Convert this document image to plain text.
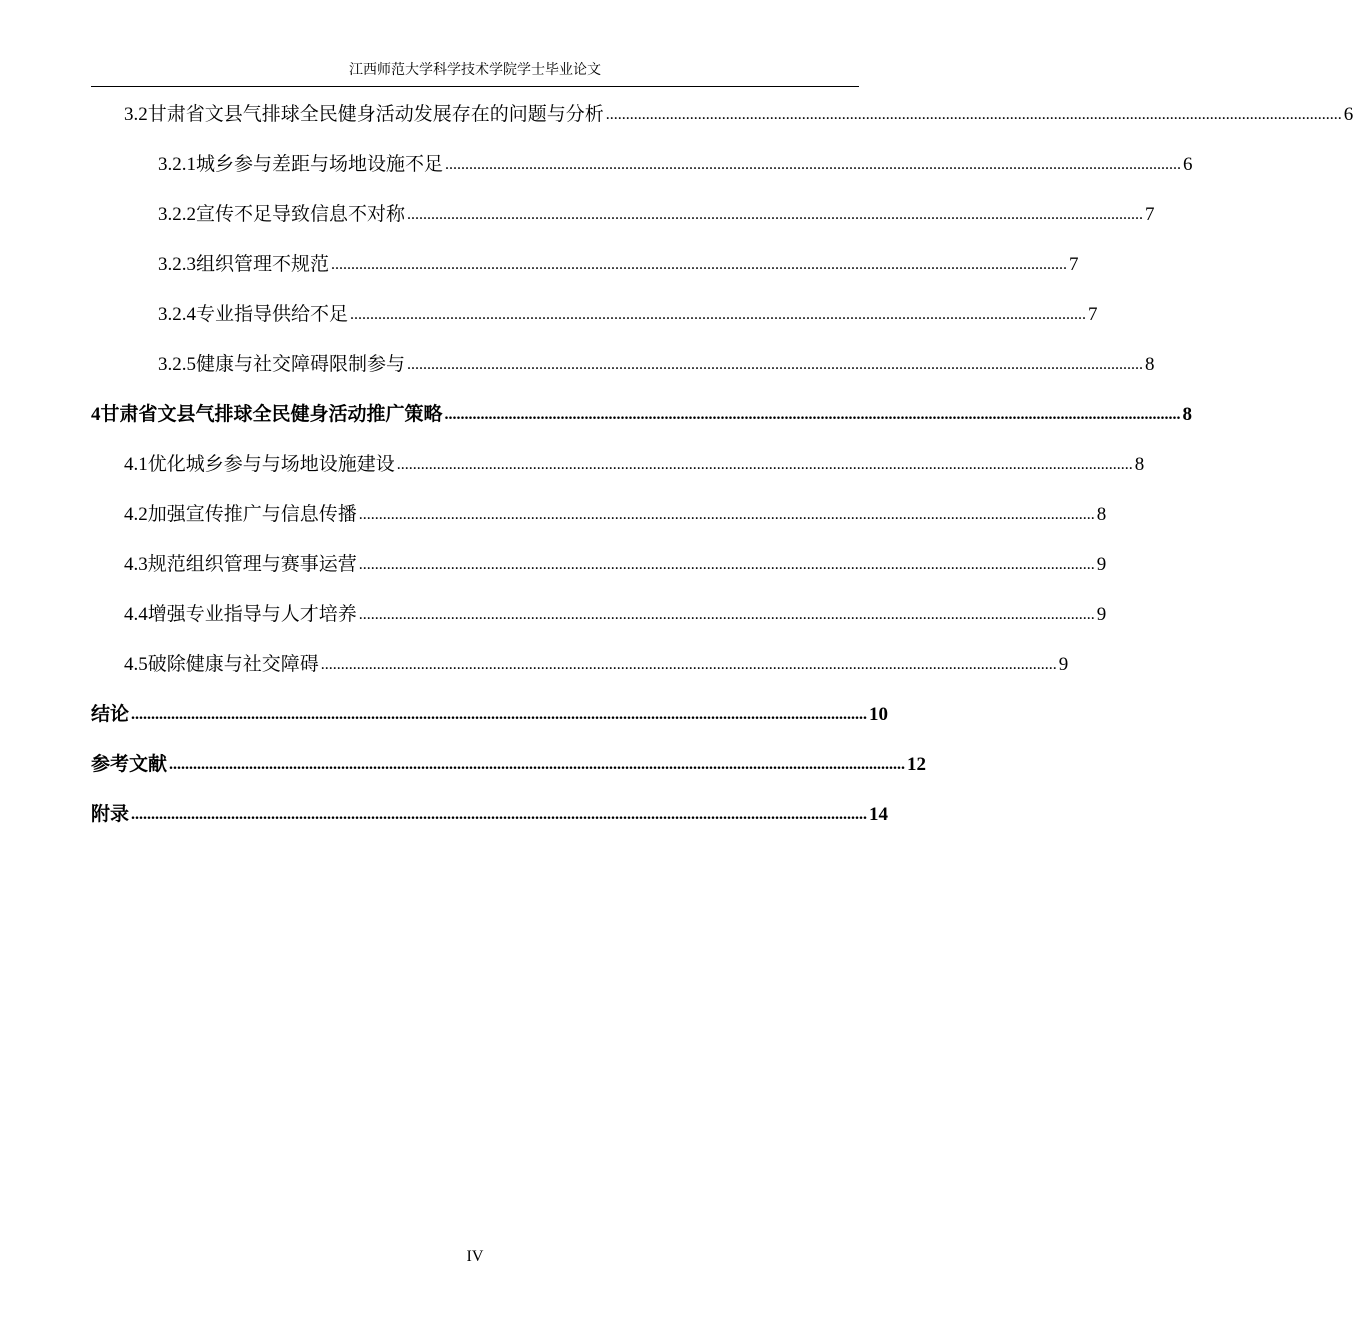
江西师范大学科学技术学院学士毕业论文
3.2 甘肃省文县气排球全民健身活动发展存在的问题与分析 ........................................................................................................................................................................................ 6
3.2.1 城乡参与差距与场地设施不足 ........................................................................................................................................................................................ 6
3.2.2 宣传不足导致信息不对称 ........................................................................................................................................................................................ 7
3.2.3 组织管理不规范 ........................................................................................................................................................................................ 7
3.2.4 专业指导供给不足 ........................................................................................................................................................................................ 7
3.2.5 健康与社交障碍限制参与 ........................................................................................................................................................................................ 8
4 甘肃省文县气排球全民健身活动推广策略 ........................................................................................................................................................................................ 8
4.1 优化城乡参与与场地设施建设 ........................................................................................................................................................................................ 8
4.2 加强宣传推广与信息传播 ........................................................................................................................................................................................ 8
4.3 规范组织管理与赛事运营 ........................................................................................................................................................................................ 9
4.4 增强专业指导与人才培养 ........................................................................................................................................................................................ 9
4.5 破除健康与社交障碍 ........................................................................................................................................................................................ 9
结论 ........................................................................................................................................................................................ 10
参考文献 ........................................................................................................................................................................................ 12
附录 ........................................................................................................................................................................................ 14
IV
